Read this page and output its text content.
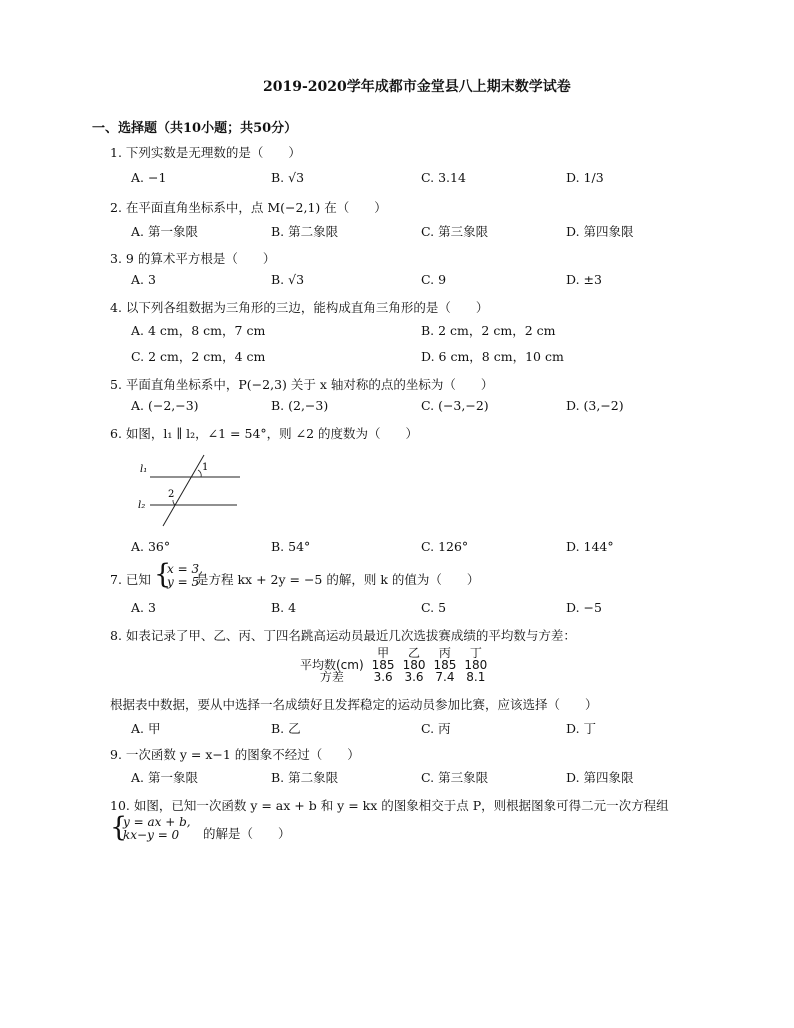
2019-2020学年成都市金堂县八上期末数学试卷
一、选择题（共10小题；共50分）
1. 下列实数是无理数的是（　　）
A. −1	B. √3	C. 3.14	D. 1/3
2. 在平面直角坐标系中，点 M(−2,1) 在（　　）
A. 第一象限	B. 第二象限	C. 第三象限	D. 第四象限
3. 9 的算术平方根是（　　）
A. 3	B. √3	C. 9	D. ±3
4. 以下列各组数据为三角形的三边，能构成直角三角形的是（　　）
A. 4 cm，8 cm，7 cm	B. 2 cm，2 cm，2 cm
C. 2 cm，2 cm，4 cm	D. 6 cm，8 cm，10 cm
5. 平面直角坐标系中，P(−2,3) 关于 x 轴对称的点的坐标为（　　）
A. (−2,−3)	B. (2,−3)	C. (−3,−2)	D. (3,−2)
6. 如图，l₁ ∥ l₂，∠1 = 54°，则 ∠2 的度数为（　　）
l₁
l₂
1
2
A. 36°	B. 54°	C. 126°	D. 144°
7. 已知 {
x = 3,
y = 5
是方程 kx + 2y = −5 的解，则 k 的值为（　　）
A. 3	B. 4	C. 5	D. −5
8. 如表记录了甲、乙、丙、丁四名跳高运动员最近几次选拔赛成绩的平均数与方差：
	甲	乙	丙	丁
平均数(cm)	185	180	185	180
方差	3.6	3.6	7.4	8.1
根据表中数据，要从中选择一名成绩好且发挥稳定的运动员参加比赛，应该选择（　　）
A. 甲	B. 乙	C. 丙	D. 丁
9. 一次函数 y = x−1 的图象不经过（　　）
A. 第一象限	B. 第二象限	C. 第三象限	D. 第四象限
10. 如图，已知一次函数 y = ax + b 和 y = kx 的图象相交于点 P，则根据图象可得二元一次方程组
{
y = ax + b,
kx−y = 0 的解是（　　）
